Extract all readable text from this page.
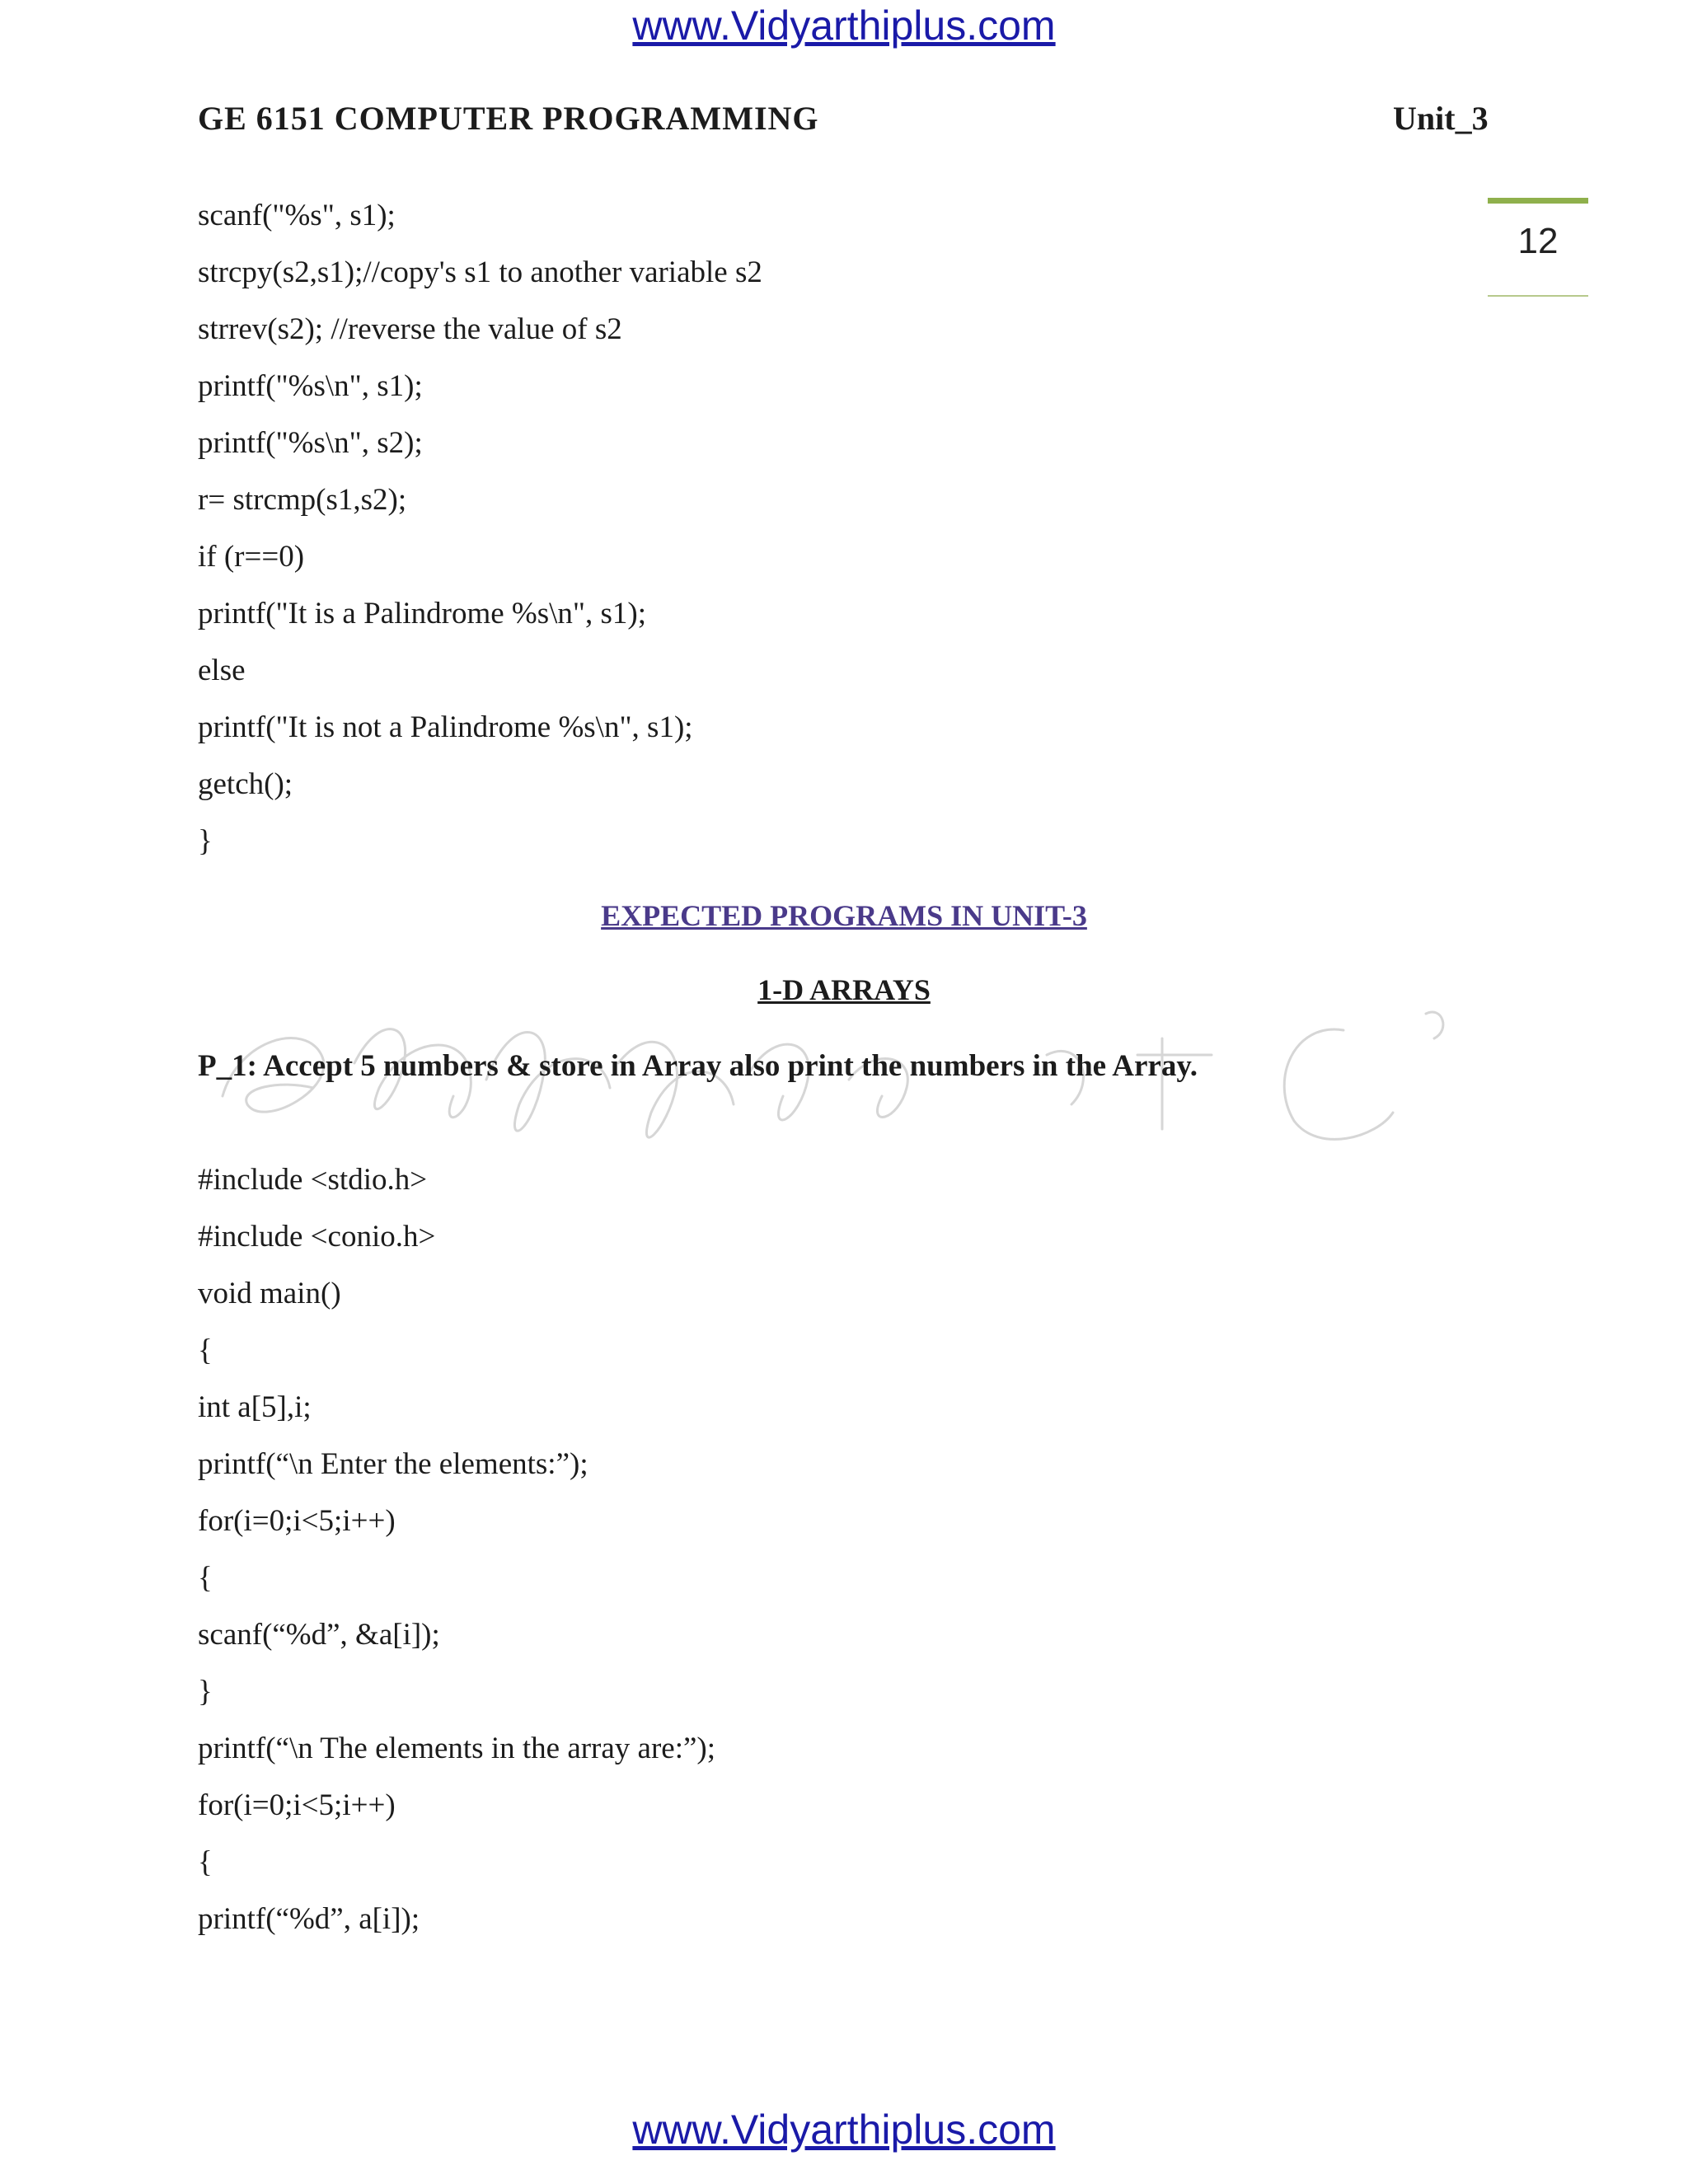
www.Vidyarthiplus.com
GE 6151 COMPUTER PROGRAMMING	Unit_3
12
scanf("%s", s1);
strcpy(s2,s1);//copy's s1 to another variable s2
strrev(s2); //reverse the value of s2
printf("%s\n", s1);
printf("%s\n", s2);
r= strcmp(s1,s2);
if (r==0)
printf("It is a Palindrome %s\n", s1);
else
printf("It is not a Palindrome %s\n", s1);
getch();
}
EXPECTED PROGRAMS IN UNIT-3
1-D ARRAYS
P_1: Accept 5 numbers & store in Array also print the numbers in the Array.
#include <stdio.h>
#include <conio.h>
void main()
{
int a[5],i;
printf(“\n Enter the elements:”);
for(i=0;i<5;i++)
{
scanf(“%d”, &a[i]);
}
printf(“\n The elements in the array are:”);
for(i=0;i<5;i++)
{
printf(“%d”, a[i]);
www.Vidyarthiplus.com
